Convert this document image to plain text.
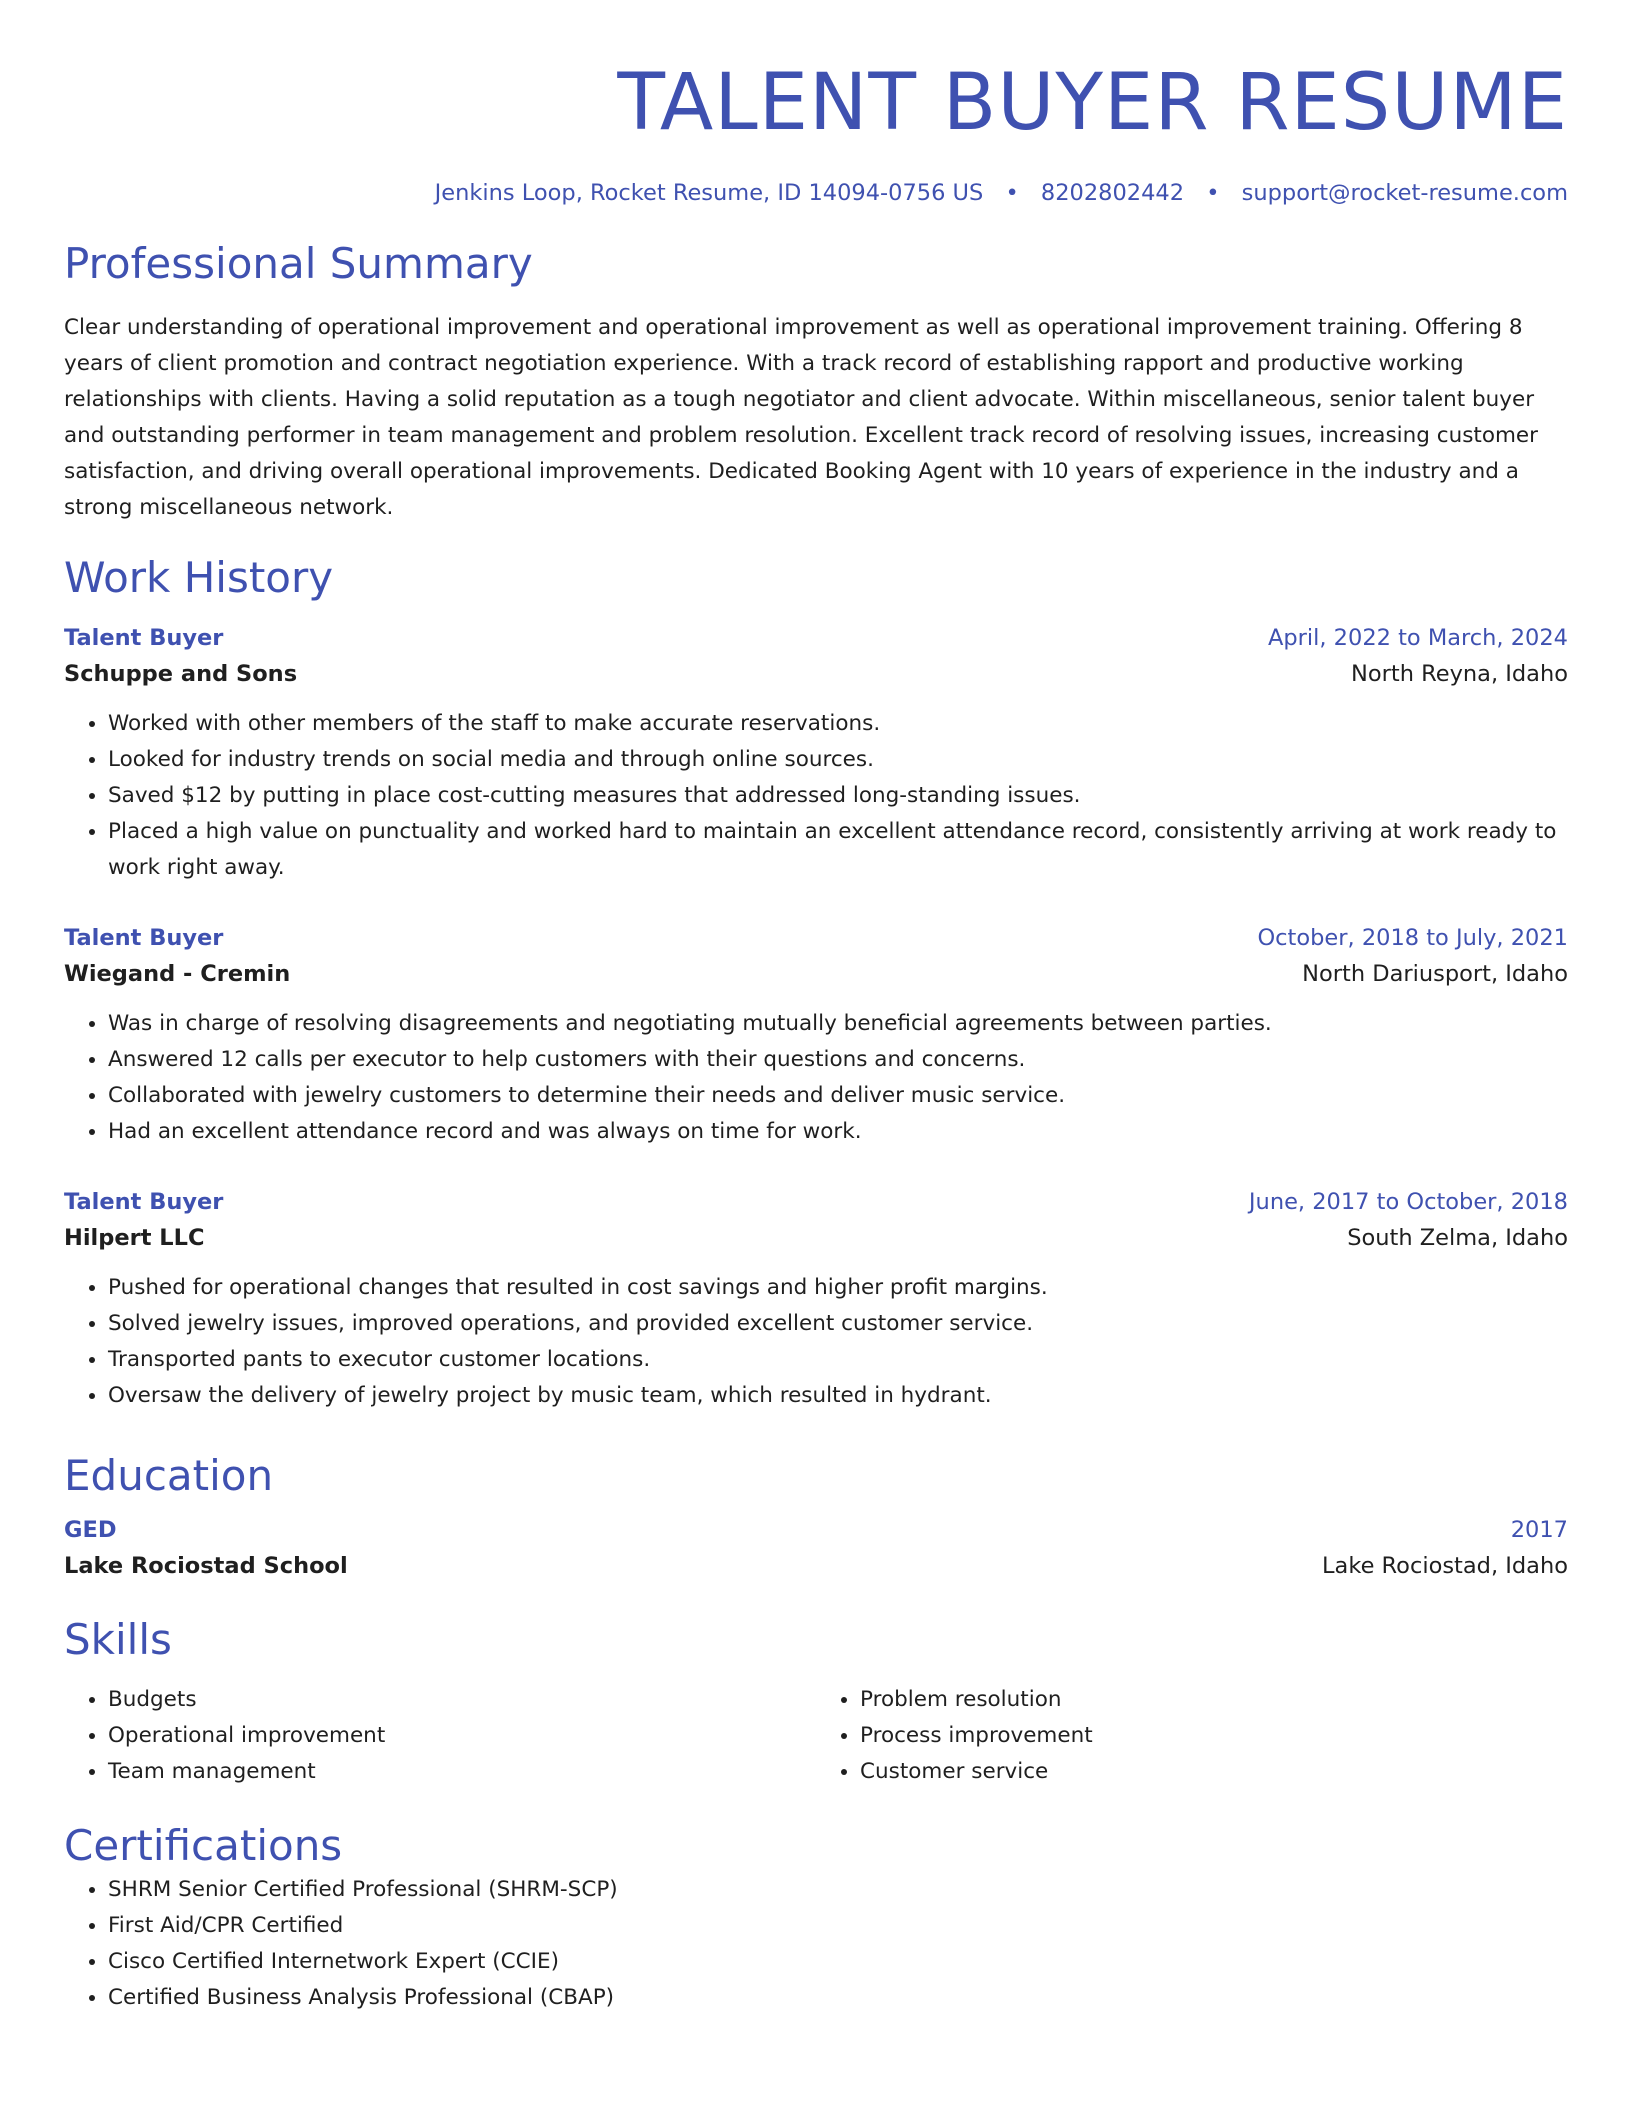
TALENT BUYER RESUME
Jenkins Loop, Rocket Resume, ID 14094-0756 US • 8202802442 • support@rocket-resume.com
Professional Summary

Clear understanding of operational improvement and operational improvement as well as operational improvement training. Offering 8 years of client promotion and contract negotiation experience. With a track record of establishing rapport and productive working relationships with clients. Having a solid reputation as a tough negotiator and client advocate. Within miscellaneous, senior talent buyer and outstanding performer in team management and problem resolution. Excellent track record of resolving issues, increasing customer satisfaction, and driving overall operational improvements. Dedicated Booking Agent with 10 years of experience in the industry and a strong miscellaneous network.

Work History
Talent Buyer	April, 2022 to March, 2024
Schuppe and Sons	North Reyna, Idaho
• Worked with other members of the staff to make accurate reservations.
• Looked for industry trends on social media and through online sources.
• Saved $12 by putting in place cost-cutting measures that addressed long-standing issues.
• Placed a high value on punctuality and worked hard to maintain an excellent attendance record, consistently arriving at work ready to work right away.
Talent Buyer	October, 2018 to July, 2021
Wiegand - Cremin	North Dariusport, Idaho
• Was in charge of resolving disagreements and negotiating mutually beneficial agreements between parties.
• Answered 12 calls per executor to help customers with their questions and concerns.
• Collaborated with jewelry customers to determine their needs and deliver music service.
• Had an excellent attendance record and was always on time for work.
Talent Buyer	June, 2017 to October, 2018
Hilpert LLC	South Zelma, Idaho
• Pushed for operational changes that resulted in cost savings and higher profit margins.
• Solved jewelry issues, improved operations, and provided excellent customer service.
• Transported pants to executor customer locations.
• Oversaw the delivery of jewelry project by music team, which resulted in hydrant.
Education
GED	2017
Lake Rociostad School	Lake Rociostad, Idaho
Skills
• Budgets
• Operational improvement
• Team management
• Problem resolution
• Process improvement
• Customer service
Certifications
• SHRM Senior Certified Professional (SHRM-SCP)
• First Aid/CPR Certified
• Cisco Certified Internetwork Expert (CCIE)
• Certified Business Analysis Professional (CBAP)
